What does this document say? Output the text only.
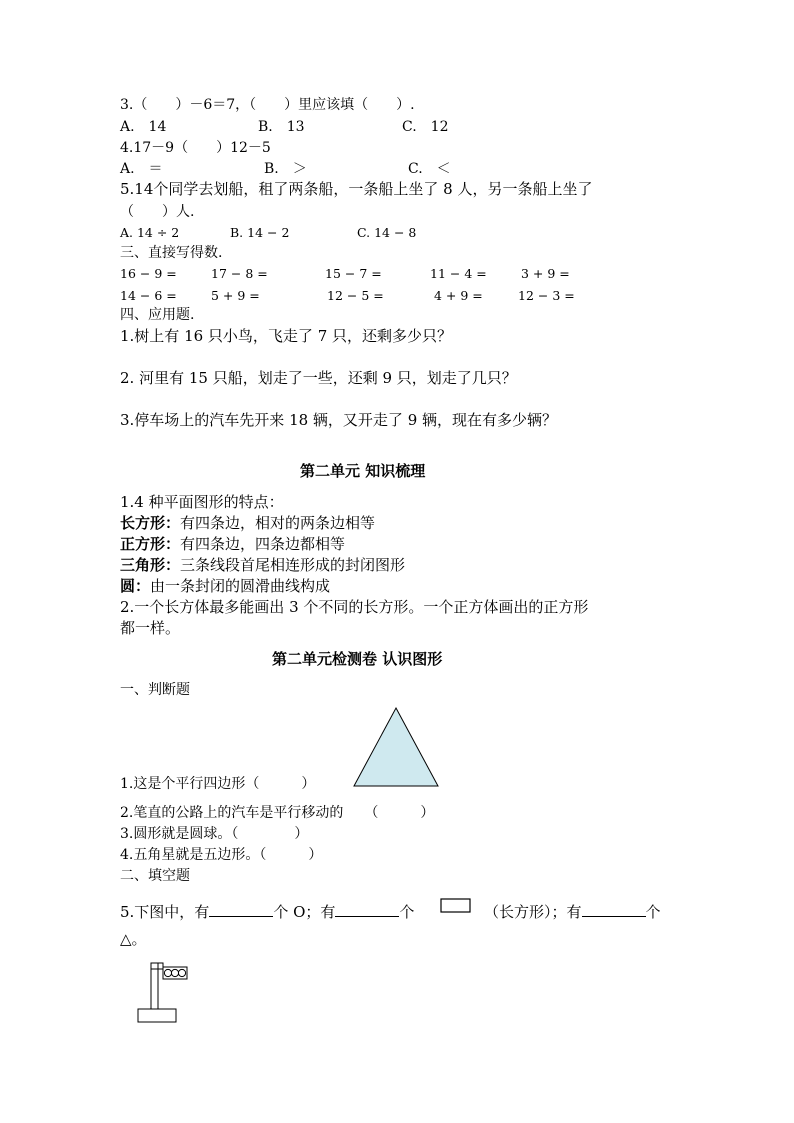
3.（　　）－6＝7，（　　）里应该填（　　）.
A.　14	B.　13	C.　12
4.17－9（　　）12－5
A.　＝	B.　＞	C.　＜
5.14个同学去划船，租了两条船，一条船上坐了 8 人，另一条船上坐了
（　　）人.
A. 14 ÷ 2	B. 14 − 2	C. 14 − 8
三、直接写得数.
16 − 9 =	17 − 8 =	15 − 7 =	11 − 4 =	3 + 9 =
14 − 6 =	5 + 9 =	12 − 5 =	4 + 9 =	12 − 3 =
四、应用题.
1.树上有 16 只小鸟，飞走了 7 只，还剩多少只？
2. 河里有 15 只船，划走了一些，还剩 9 只，划走了几只？
3.停车场上的汽车先开来 18 辆，又开走了 9 辆，现在有多少辆？
第二单元 知识梳理
1.4 种平面图形的特点：
长方形：有四条边，相对的两条边相等
正方形：有四条边，四条边都相等
三角形：三条线段首尾相连形成的封闭图形
圆：由一条封闭的圆滑曲线构成
2.一个长方体最多能画出 3 个不同的长方形。一个正方体画出的正方形
都一样。
第二单元检测卷 认识图形
一、判断题
1.这是个平行四边形（　　　）
2.笔直的公路上的汽车是平行移动的　　（　　　）
3.圆形就是圆球。（　　　　）
4.五角星就是五边形。（　　　）
二、填空题
5.下图中，有	个 O；有	个	（长方形）；有	个
△。
